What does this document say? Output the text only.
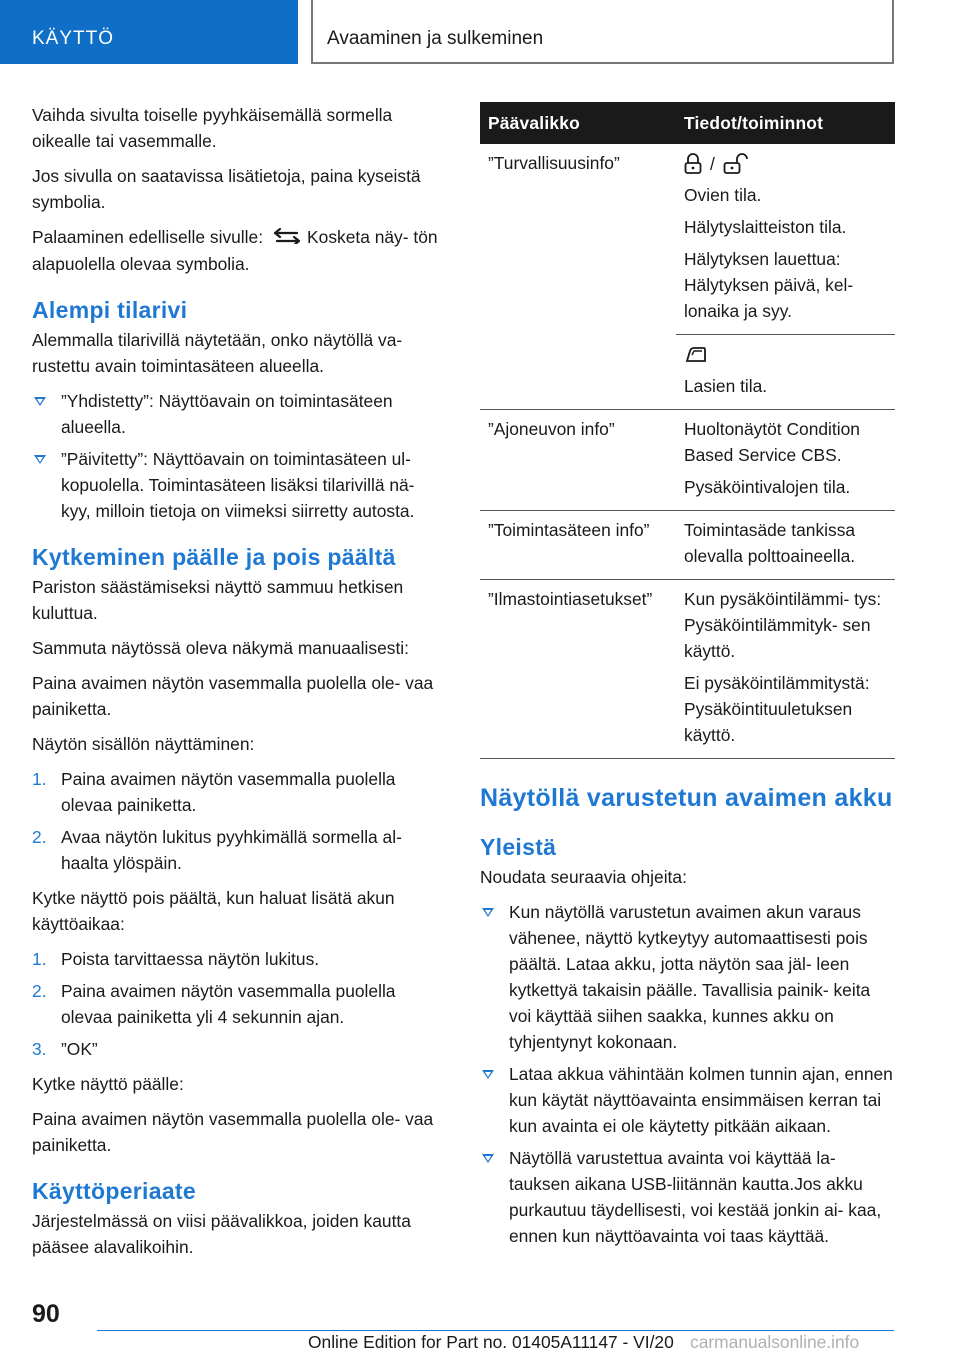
KÄYTTÖ	Avaaminen ja sulkeminen

Vaihda sivulta toiselle pyyhkäisemällä sormella oikealle tai vasemmalle.

Jos sivulla on saatavissa lisätietoja, paina kyseistä symbolia.

Palaaminen edelliselle sivulle:	Kosketa näy- tön alapuolella olevaa symbolia.

Alempi tilarivi

Alemmalla tilarivillä näytetään, onko näytöllä va- rustettu avain toimintasäteen alueella.

”Yhdistetty”: Näyttöavain on toimintasäteen alueella.
”Päivitetty”: Näyttöavain on toimintasäteen ul- kopuolella. Toimintasäteen lisäksi tilarivillä nä- kyy, milloin tietoja on viimeksi siirretty autosta.
Kytkeminen päälle ja pois päältä

Pariston säästämiseksi näyttö sammuu hetkisen kuluttua.

Sammuta näytössä oleva näkymä manuaalisesti:

Paina avaimen näytön vasemmalla puolella ole- vaa painiketta.

Näytön sisällön näyttäminen:

1. Paina avaimen näytön vasemmalla puolella olevaa painiketta.
2. Avaa näytön lukitus pyyhkimällä sormella al- haalta ylöspäin.

Kytke näyttö pois päältä, kun haluat lisätä akun käyttöaikaa:

1. Poista tarvittaessa näytön lukitus.
2. Paina avaimen näytön vasemmalla puolella olevaa painiketta yli 4 sekunnin ajan.
3. ”OK”

Kytke näyttö päälle:

Paina avaimen näytön vasemmalla puolella ole- vaa painiketta.

Käyttöperiaate

Järjestelmässä on viisi päävalikkoa, joiden kautta pääsee alavalikoihin.

Päävalikko	Tiedot/toiminnot
”Turvallisuusinfo”	/

Ovien tila.

Hälytyslaitteiston tila.

Hälytyksen lauettua: Hälytyksen päivä, kel- lonaika ja syy.

	Lasien tila.

”Ajoneuvon info”	Huoltonäytöt Condition Based Service CBS.

Pysäköintivalojen tila.

”Toimintasäteen info”	Toimintasäde tankissa olevalla polttoaineella.

”Ilmastointiasetukset”	Kun pysäköintilämmi- tys: Pysäköintilämmityk- sen käyttö.

Ei pysäköintilämmitystä: Pysäköintituuletuksen käyttö.

Näytöllä varustetun avaimen akku
Yleistä

Noudata seuraavia ohjeita:

Kun näytöllä varustetun avaimen akun varaus vähenee, näyttö kytkeytyy automaattisesti pois päältä. Lataa akku, jotta näytön saa jäl- leen kytkettyä takaisin päälle. Tavallisia painik- keita voi käyttää siihen saakka, kunnes akku on tyhjentynyt kokonaan.
Lataa akkua vähintään kolmen tunnin ajan, ennen kun käytät näyttöavainta ensimmäisen kerran tai kun avainta ei ole käytetty pitkään aikaan.
Näytöllä varustettua avainta voi käyttää la- tauksen aikana USB-liitännän kautta.Jos akku purkautuu täydellisesti, voi kestää jonkin ai- kaa, ennen kun näyttöavainta voi taas käyttää.
90
Online Edition for Part no. 01405A11147 - VI/20 carmanualsonline.info
